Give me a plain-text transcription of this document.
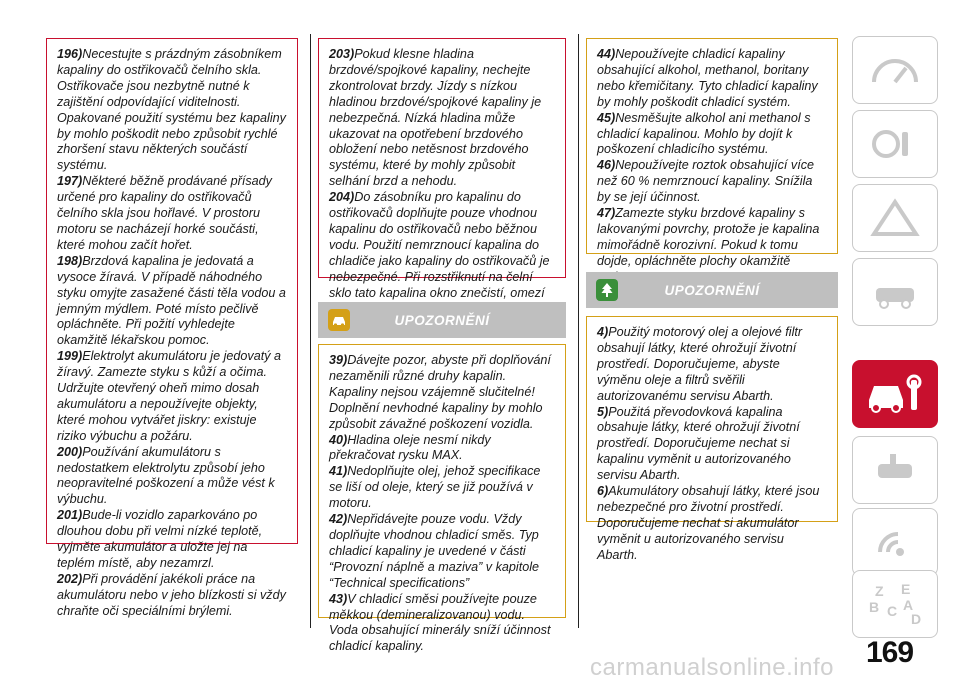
196)Necestujte s prázdným zásobníkem kapaliny do ostřikovačů čelního skla. Ostřikovače jsou nezbytně nutné k zajištění odpovídající viditelnosti. Opakované použití systému bez kapaliny by mohlo poškodit nebo způsobit rychlé zhoršení stavu některých součástí systému.

197)Některé běžně prodávané přísady určené pro kapaliny do ostřikovačů čelního skla jsou hořlavé. V prostoru motoru se nacházejí horké součásti, které mohou začít hořet.

198)Brzdová kapalina je jedovatá a vysoce žíravá. V případě náhodného styku omyjte zasažené části těla vodou a jemným mýdlem. Poté místo pečlivě opláchněte. Při požití vyhledejte okamžitě lékařskou pomoc.

199)Elektrolyt akumulátoru je jedovatý a žíravý. Zamezte styku s kůží a očima. Udržujte otevřený oheň mimo dosah akumulátoru a nepoužívejte objekty, které mohou vytvářet jiskry: existuje riziko výbuchu a požáru.

200)Používání akumulátoru s nedostatkem elektrolytu způsobí jeho neopravitelné poškození a může vést k výbuchu.

201)Bude-li vozidlo zaparkováno po dlouhou dobu při velmi nízké teplotě, vyjměte akumulátor a uložte jej na teplém místě, aby nezamrzl.

202)Při provádění jakékoli práce na akumulátoru nebo v jeho blízkosti si vždy chraňte oči speciálními brýlemi.

203)Pokud klesne hladina brzdové/spojkové kapaliny, nechejte zkontrolovat brzdy. Jízdy s nízkou hladinou brzdové/spojkové kapaliny je nebezpečná. Nízká hladina může ukazovat na opotřebení brzdového obložení nebo netěsnost brzdového systému, které by mohly způsobit selhání brzd a nehodu.

204)Do zásobníku pro kapalinu do ostřikovačů doplňujte pouze vhodnou kapalinu do ostřikovačů nebo běžnou vodu. Použití nemrznoucí kapalina do chladiče jako kapaliny do ostřikovačů je nebezpečné. Při rozstřiknutí na čelní sklo tato kapalina okno znečistí, omezí

UPOZORNĚNÍ

39)Dávejte pozor, abyste při doplňování nezaměnili různé druhy kapalin. Kapaliny nejsou vzájemně slučitelné! Doplnění nevhodné kapaliny by mohlo způsobit závažné poškození vozidla.

40)Hladina oleje nesmí nikdy překračovat rysku MAX.

41)Nedoplňujte olej, jehož specifikace se liší od oleje, který se již používá v motoru.

42)Nepřidávejte pouze vodu. Vždy doplňujte vhodnou chladicí směs. Typ chladicí kapaliny je uvedené v části “Provozní náplně a maziva” v kapitole “Technical specifications”

43)V chladicí směsi používejte pouze měkkou (demineralizovanou) vodu. Voda obsahující minerály sníží účinnost chladicí kapaliny.

44)Nepoužívejte chladicí kapaliny obsahující alkohol, methanol, boritany nebo křemičitany. Tyto chladicí kapaliny by mohly poškodit chladicí systém.

45)Nesměšujte alkohol ani methanol s chladicí kapalinou. Mohlo by dojít k poškození chladicího systému.

46)Nepoužívejte roztok obsahující více než 60 % nemrznoucí kapaliny. Snížila by se její účinnost.

47)Zamezte styku brzdové kapaliny s lakovanými povrchy, protože je kapalina mimořádně korozivní. Pokud k tomu dojde, opláchněte plochy okamžitě

UPOZORNĚNÍ

4)Použitý motorový olej a olejové filtr obsahují látky, které ohrožují životní prostředí. Doporučujeme, abyste výměnu oleje a filtrů svěřili autorizovanému servisu Abarth.

5)Použitá převodovková kapalina obsahuje látky, které ohrožují životní prostředí. Doporučujeme nechat si kapalinu vyměnit u autorizovaného servisu Abarth.

6)Akumulátory obsahují látky, které jsou nebezpečné pro životní prostředí. Doporučujeme nechat si akumulátor vyměnit u autorizovaného servisu Abarth.

Z E
B C A
D
carmanualsonline.info 169
